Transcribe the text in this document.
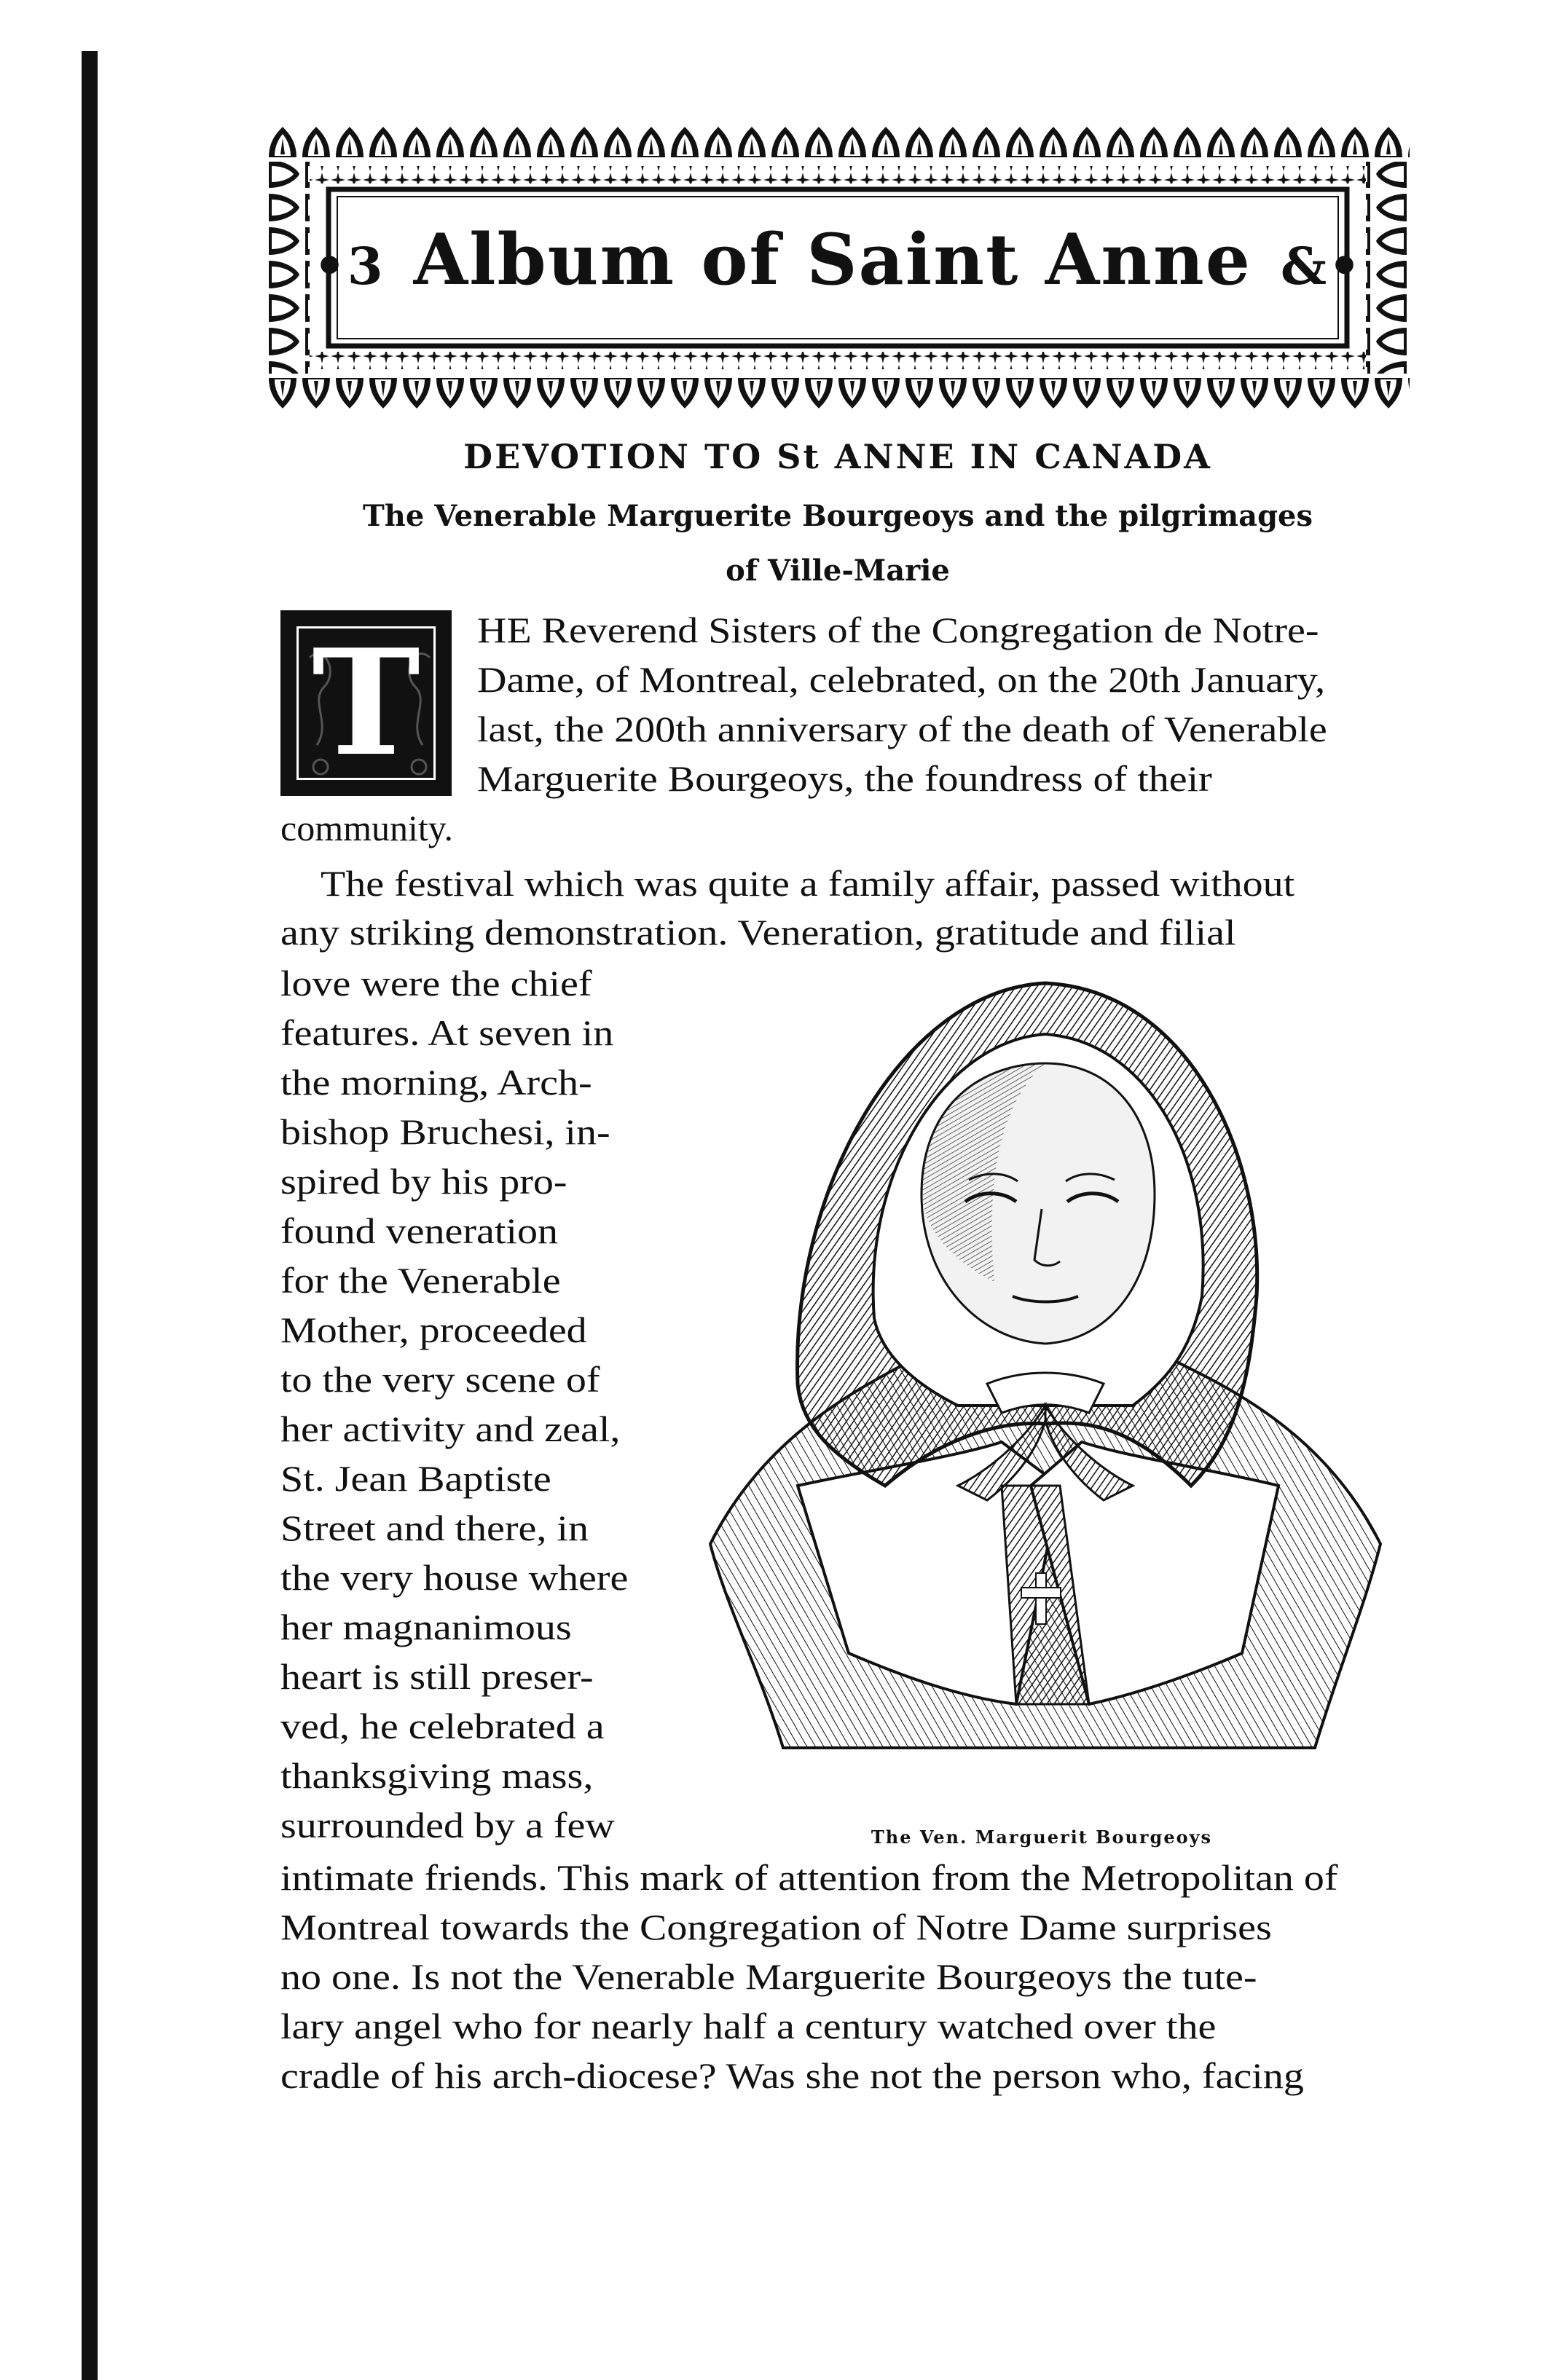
•3 Album of Saint Anne &•
DEVOTION TO St ANNE IN CANADA
The Venerable Marguerite Bourgeoys and the pilgrimages
of Ville-Marie
T	HE Reverend Sisters of the Congregation de Notre-
Dame, of Montreal, celebrated, on the 20th January,
last, the 200th anniversary of the death of Venerable
Marguerite Bourgeoys, the foundress of their
community.
The festival which was quite a family affair, passed without
any striking demonstration. Veneration, gratitude and filial
love were the chief
features. At seven in
the morning, Arch-
bishop Bruchesi, in-
spired by his pro-
found veneration
for the Venerable
Mother, proceeded
to the very scene of
her activity and zeal,
St. Jean Baptiste
Street and there, in
the very house where
her magnanimous
heart is still preser-
ved, he celebrated a
thanksgiving mass,
surrounded by a few	The Ven. Marguerit Bourgeoys
intimate friends. This mark of attention from the Metropolitan of
Montreal towards the Congregation of Notre Dame surprises
no one. Is not the Venerable Marguerite Bourgeoys the tute-
lary angel who for nearly half a century watched over the
cradle of his arch-diocese? Was she not the person who, facing
